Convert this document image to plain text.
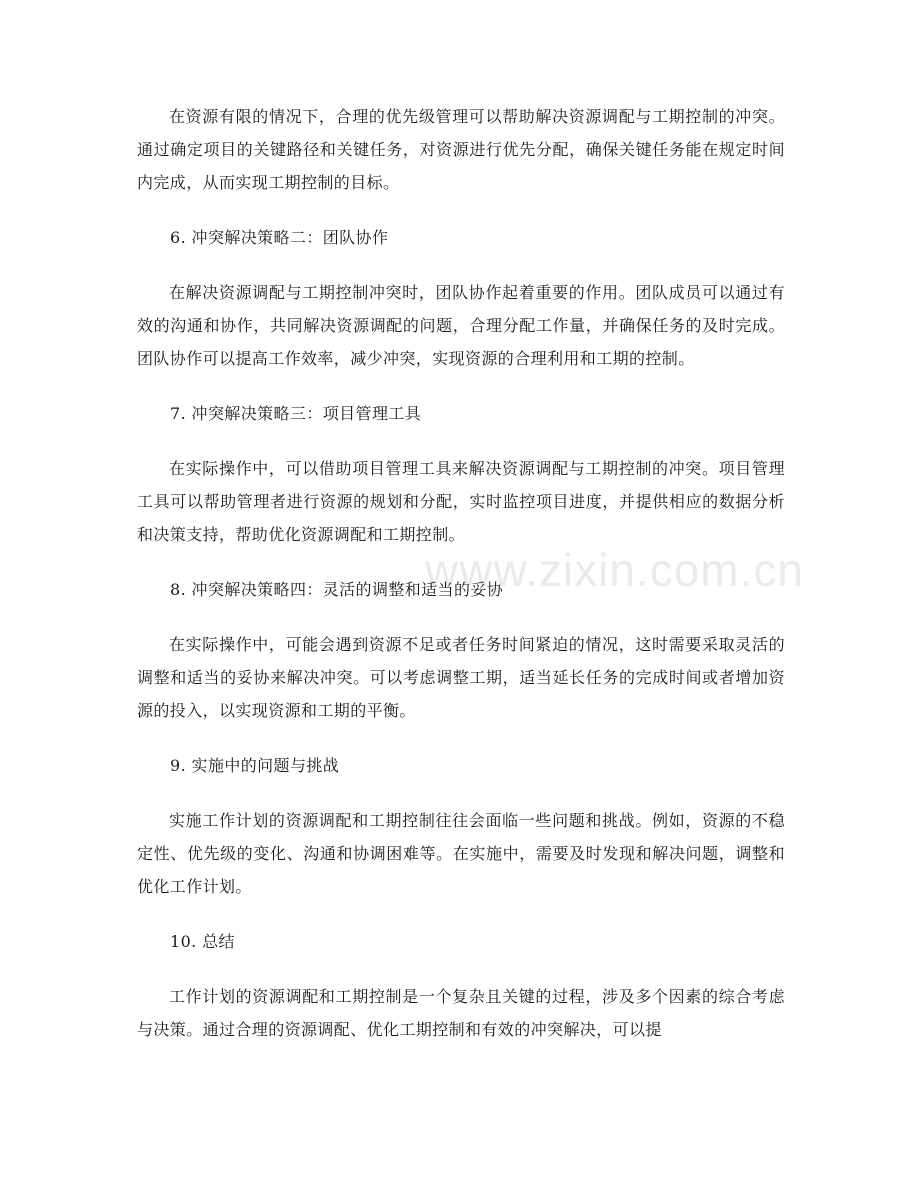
在资源有限的情况下，合理的优先级管理可以帮助解决资源调配与工期控制的冲突。通过确定项目的关键路径和关键任务，对资源进行优先分配，确保关键任务能在规定时间内完成，从而实现工期控制的目标。

6. 冲突解决策略二：团队协作

在解决资源调配与工期控制冲突时，团队协作起着重要的作用。团队成员可以通过有效的沟通和协作，共同解决资源调配的问题，合理分配工作量，并确保任务的及时完成。团队协作可以提高工作效率，减少冲突，实现资源的合理利用和工期的控制。

7. 冲突解决策略三：项目管理工具

在实际操作中，可以借助项目管理工具来解决资源调配与工期控制的冲突。项目管理工具可以帮助管理者进行资源的规划和分配，实时监控项目进度，并提供相应的数据分析和决策支持，帮助优化资源调配和工期控制。

8. 冲突解决策略四：灵活的调整和适当的妥协

在实际操作中，可能会遇到资源不足或者任务时间紧迫的情况，这时需要采取灵活的调整和适当的妥协来解决冲突。可以考虑调整工期，适当延长任务的完成时间或者增加资源的投入，以实现资源和工期的平衡。

9. 实施中的问题与挑战

实施工作计划的资源调配和工期控制往往会面临一些问题和挑战。例如，资源的不稳定性、优先级的变化、沟通和协调困难等。在实施中，需要及时发现和解决问题，调整和优化工作计划。

10. 总结

工作计划的资源调配和工期控制是一个复杂且关键的过程，涉及多个因素的综合考虑与决策。通过合理的资源调配、优化工期控制和有效的冲突解决，可以提

www.zixin.com.cn
